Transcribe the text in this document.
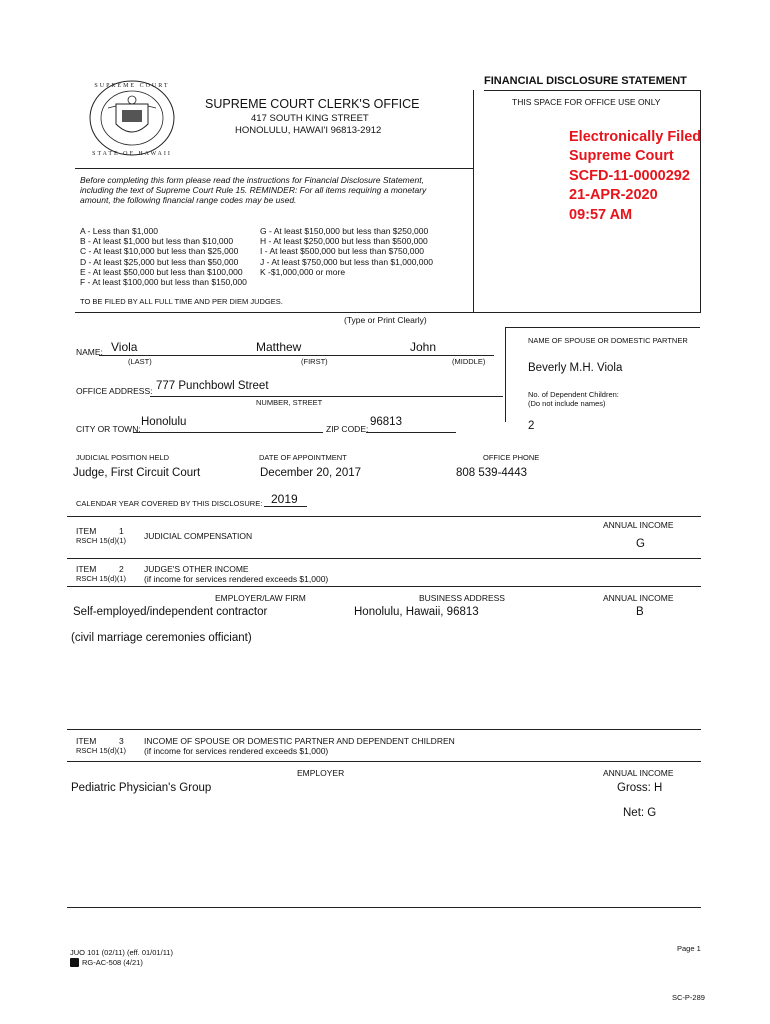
FINANCIAL DISCLOSURE STATEMENT
THIS SPACE FOR OFFICE USE ONLY
SUPREME COURT
STATE OF HAWAII
SUPREME COURT CLERK'S OFFICE
417 SOUTH KING STREET
HONOLULU, HAWAI'I 96813-2912	Electronically Filed
Supreme Court
SCFD-11-0000292
21-APR-2020
09:57 AM
Before completing this form please read the instructions for Financial Disclosure Statement,
including the text of Supreme Court Rule 15. REMINDER: For all items requiring a monetary
amount, the following financial range codes may be used.
A - Less than $1,000
B - At least $1,000 but less than $10,000
C - At least $10,000 but less than $25,000
D - At least $25,000 but less than $50,000
E - At least $50,000 but less than $100,000
F - At least $100,000 but less than $150,000
G - At least $150,000 but less than $250,000
H - At least $250,000 but less than $500,000
I - At least $500,000 but less than $750,000
J - At least $750,000 but less than $1,000,000
K -$1,000,000 or more
TO BE FILED BY ALL FULL TIME AND PER DIEM JUDGES.
(Type or Print Clearly)
NAME OF SPOUSE OR DOMESTIC PARTNER
NAME: Viola	Matthew	John
(LAST)	(FIRST)	(MIDDLE)
Beverly M.H. Viola
No. of Dependent Children:
(Do not include names)
2
OFFICE ADDRESS: 777 Punchbowl Street
NUMBER, STREET
CITY OR TOWN:
Honolulu
ZIP CODE:
96813
JUDICIAL POSITION HELD	DATE OF APPOINTMENT	OFFICE PHONE
Judge, First Circuit Court	December 20, 2017	808 539-4443
CALENDAR YEAR COVERED BY THIS DISCLOSURE: 2019
ITEM	1
RSCH 15(d)(1) JUDICIAL COMPENSATION
ANNUAL INCOME
G
ITEM	2
RSCH 15(d)(1)
JUDGE'S OTHER INCOME
(if income for services rendered exceeds $1,000)
EMPLOYER/LAW FIRM	BUSINESS ADDRESS	ANNUAL INCOME
Self-employed/independent contractor	Honolulu, Hawaii, 96813	B
(civil marriage ceremonies officiant)
ITEM	3
RSCH 15(d)(1)
INCOME OF SPOUSE OR DOMESTIC PARTNER AND DEPENDENT CHILDREN
(if income for services rendered exceeds $1,000)
EMPLOYER	ANNUAL INCOME
Pediatric Physician's Group	Gross: H
Net: G
JUO 101 (02/11) (eff. 01/01/11)
RG-AC-508 (4/21)
Page 1
SC-P-289
